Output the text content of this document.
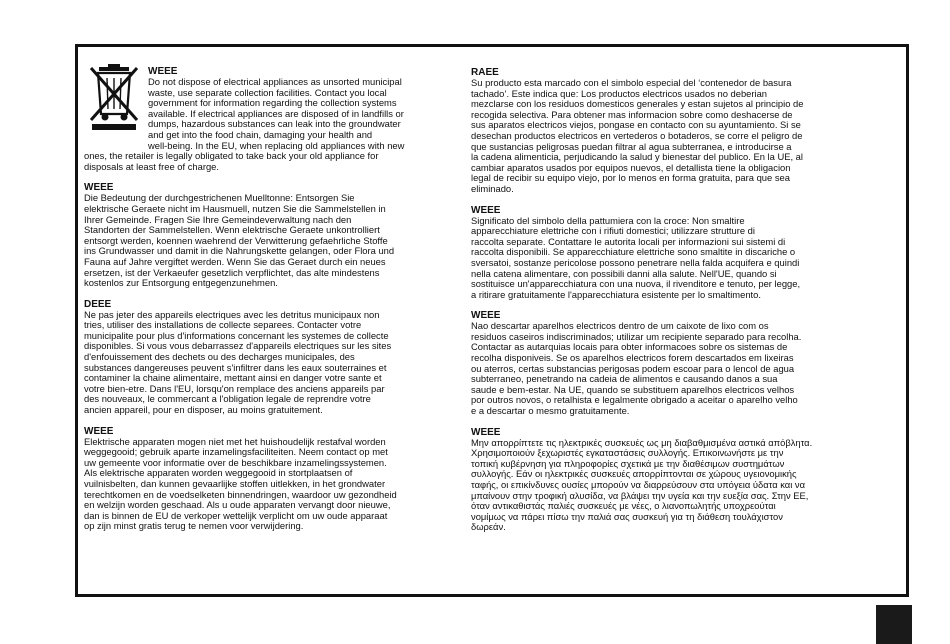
WEEE

Do not dispose of electrical appliances as unsorted municipal
waste, use separate collection facilities. Contact you local
government for information regarding the collection systems
available. If electrical appliances are disposed of in landfills or
dumps, hazardous substances can leak into the groundwater
and get into the food chain, damaging your health and
well-being. In the EU, when replacing old appliances with new

ones, the retailer is legally obligated to take back your old appliance for
disposals at least free of charge.

WEEE

Die Bedeutung der durchgestrichenen Muelltonne: Entsorgen Sie
elektrische Geraete nicht im Hausmuell, nutzen Sie die Sammelstellen in
Ihrer Gemeinde. Fragen Sie Ihre Gemeindeverwaltung nach den
Standorten der Sammelstellen. Wenn elektrische Geraete unkontrolliert
entsorgt werden, koennen waehrend der Verwitterung gefaehrliche Stoffe
ins Grundwasser und damit in die Nahrungskette gelangen, oder Flora und
Fauna auf Jahre vergiftet werden. Wenn Sie das Geraet durch ein neues
ersetzen, ist der Verkaeufer gesetzlich verpflichtet, das alte mindestens
kostenlos zur Entsorgung entgegenzunehmen.

DEEE

Ne pas jeter des appareils electriques avec les detritus municipaux non
tries, utiliser des installations de collecte separees. Contacter votre
municipalite pour plus d'informations concernant les systemes de collecte
disponibles. Si vous vous debarrassez d'appareils electriques sur les sites
d'enfouissement des dechets ou des decharges municipales, des
substances dangereuses peuvent s'infiltrer dans les eaux souterraines et
contaminer la chaine alimentaire, mettant ainsi en danger votre sante et
votre bien-etre. Dans l'EU, lorsqu'on remplace des anciens appareils par
des nouveaux, le commercant a l'obligation legale de reprendre votre
ancien appareil, pour en disposer, au moins gratuitement.

WEEE

Elektrische apparaten mogen niet met het huishoudelijk restafval worden
weggegooid; gebruik aparte inzamelingsfaciliteiten. Neem contact op met
uw gemeente voor informatie over de beschikbare inzamelingssystemen.
Als elektrische apparaten worden weggegooid in stortplaatsen of
vuilnisbelten, dan kunnen gevaarlijke stoffen uitlekken, in het grondwater
terechtkomen en de voedselketen binnendringen, waardoor uw gezondheid
en welzijn worden geschaad. Als u oude apparaten vervangt door nieuwe,
dan is binnen de EU de verkoper wettelijk verplicht om uw oude apparaat
op zijn minst gratis terug te nemen voor verwijdering.

RAEE

Su producto esta marcado con el simbolo especial del ‘contenedor de basura
tachado’. Este indica que: Los productos electricos usados no deberian
mezclarse con los residuos domesticos generales y estan sujetos al principio de
recogida selectiva. Para obtener mas informacion sobre como deshacerse de
sus aparatos electricos viejos, pongase en contacto con su ayuntamiento. Si se
desechan productos electricos en vertederos o botaderos, se corre el peligro de
que sustancias peligrosas puedan filtrar al agua subterranea, e introducirse a
la cadena alimenticia, perjudicando la salud y bienestar del publico. En la UE, al
cambiar aparatos usados por equipos nuevos, el detallista tiene la obligacion
legal de recibir su equipo viejo, por lo menos en forma gratuita, para que sea
eliminado.

WEEE

Significato del simbolo della pattumiera con la croce: Non smaltire
apparecchiature elettriche con i rifiuti domestici; utilizzare strutture di
raccolta separate. Contattare le autorita locali per informazioni sui sistemi di
raccolta disponibili. Se apparecchiature elettriche sono smaltite in discariche o
sversatoi, sostanze pericolose possono penetrare nella falda acquifera e quindi
nella catena alimentare, con possibili danni alla salute. Nell'UE, quando si
sostituisce un'apparecchiatura con una nuova, il rivenditore e tenuto, per legge,
a ritirare gratuitamente l'apparecchiatura esistente per lo smaltimento.

WEEE

Nao descartar aparelhos electricos dentro de um caixote de lixo com os
residuos caseiros indiscriminados; utilizar um recipiente separado para recolha.
Contactar as autarquias locais para obter informacoes sobre os sistemas de
recolha disponiveis. Se os aparelhos electricos forem descartados em lixeiras
ou aterros, certas substancias perigosas podem escoar para o lencol de agua
subterraneo, penetrando na cadeia de alimentos e causando danos a sua
saude e bem-estar. Na UE, quando se substituem aparelhos electricos velhos
por outros novos, o retalhista e legalmente obrigado a aceitar o aparelho velho
e a descartar o mesmo gratuitamente.

WEEE

Μην απορρίπτετε τις ηλεκτρικές συσκευές ως μη διαβαθμισμένα αστικά απόβλητα.
Χρησιμοποιούν ξεχωριστές εγκαταστάσεις συλλογής. Επικοινωνήστε με την
τοπική κυβέρνηση για πληροφορίες σχετικά με την διαθέσιμων συστημάτων
συλλογής. Εάν οι ηλεκτρικές συσκευές απορρίπτονται σε χώρους υγειονομικής
ταφής, οι επικίνδυνες ουσίες μπορούν να διαρρεύσουν στα υπόγεια ύδατα και να
μπαίνουν στην τροφική αλυσίδα, να βλάψει την υγεία και την ευεξία σας. Στην ΕΕ,
όταν αντικαθιστάς παλιές συσκευές με νέες, ο λιανοπωλητής υποχρεούται
νομίμως να πάρει πίσω την παλιά σας συσκευή για τη διάθεση τουλάχιστον
δωρεάν.
